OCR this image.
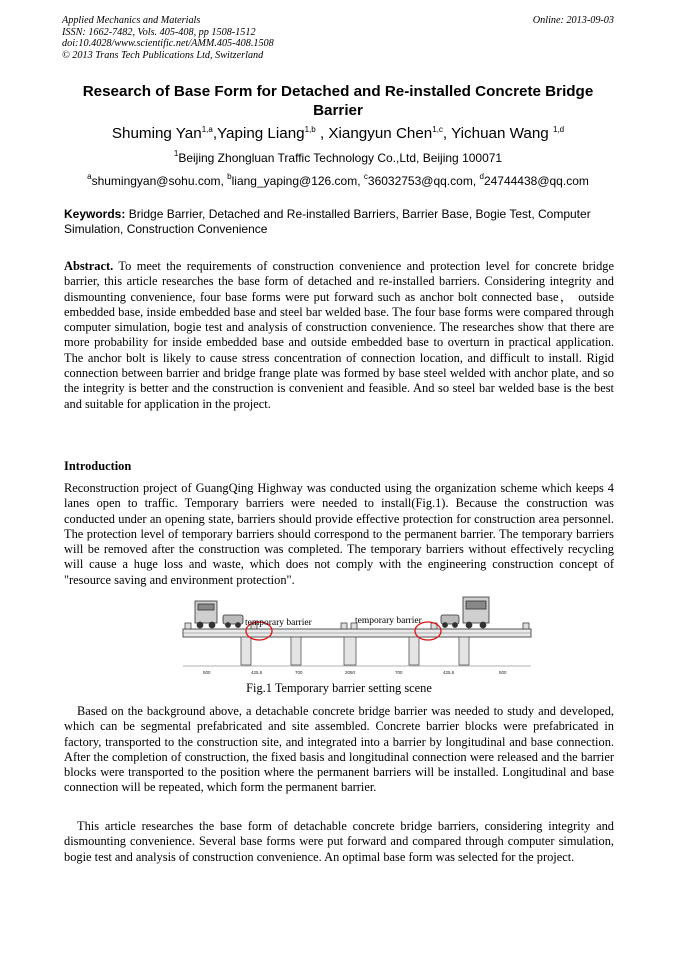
Applied Mechanics and Materials
ISSN: 1662-7482, Vols. 405-408, pp 1508-1512
doi:10.4028/www.scientific.net/AMM.405-408.1508
© 2013 Trans Tech Publications Ltd, Switzerland
Online: 2013-09-03
Research of Base Form for Detached and Re-installed Concrete Bridge Barrier
Shuming Yan$^{1,a}$,Yaping Liang$^{1,b}$ , Xiangyun Chen$^{1,c}$, Yichuan Wang $^{1,d}$
$^1$Beijing Zhongluan Traffic Technology Co.,Ltd, Beijing 100071
$^a$shumingyan@sohu.com, $^b$liang_yaping@126.com, $^c$36032753@qq.com, $^d$24744438@qq.com
Keywords: Bridge Barrier, Detached and Re-installed Barriers, Barrier Base, Bogie Test, Computer Simulation, Construction Convenience
Abstract. To meet the requirements of construction convenience and protection level for concrete bridge barrier, this article researches the base form of detached and re-installed barriers. Considering integrity and dismounting convenience, four base forms were put forward such as anchor bolt connected base， outside embedded base, inside embedded base and steel bar welded base. The four base forms were compared through computer simulation, bogie test and analysis of construction convenience. The researches show that there are more probability for inside embedded base and outside embedded base to overturn in practical application. The anchor bolt is likely to cause stress concentration of connection location, and difficult to install. Rigid connection between barrier and bridge frange plate was formed by base steel welded with anchor plate, and so the integrity is better and the construction is convenient and feasible. And so steel bar welded base is the best and suitable for application in the project.
Introduction
Reconstruction project of GuangQing Highway was conducted using the organization scheme which keeps 4 lanes open to traffic. Temporary barriers were needed to install(Fig.1). Because the construction was conducted under an opening state, barriers should provide effective protection for construction area personnel. The protection level of temporary barriers should correspond to the permanent barrier. The temporary barriers will be removed after the construction was completed. The temporary barriers without effectively recycling will cause a huge loss and waste, which does not comply with the engineering construction concept of "resource saving and environment protection".
temporary barrier	temporary barrier
500	425.5	700	2050	700	425.5	500
Fig.1 Temporary barrier setting scene
Based on the background above, a detachable concrete bridge barrier was needed to study and developed, which can be segmental prefabricated and site assembled. Concrete barrier blocks were prefabricated in factory, transported to the construction site, and integrated into a barrier by longitudinal and base connection. After the completion of construction, the fixed basis and longitudinal connection were released and the barrier blocks were transported to the position where the permanent barriers will be installed. Longitudinal and base connection will be repeated, which form the permanent barrier.
This article researches the base form of detachable concrete bridge barriers, considering integrity and dismounting convenience. Several base forms were put forward and compared through computer simulation, bogie test and analysis of construction convenience. An optimal base form was selected for the project.
